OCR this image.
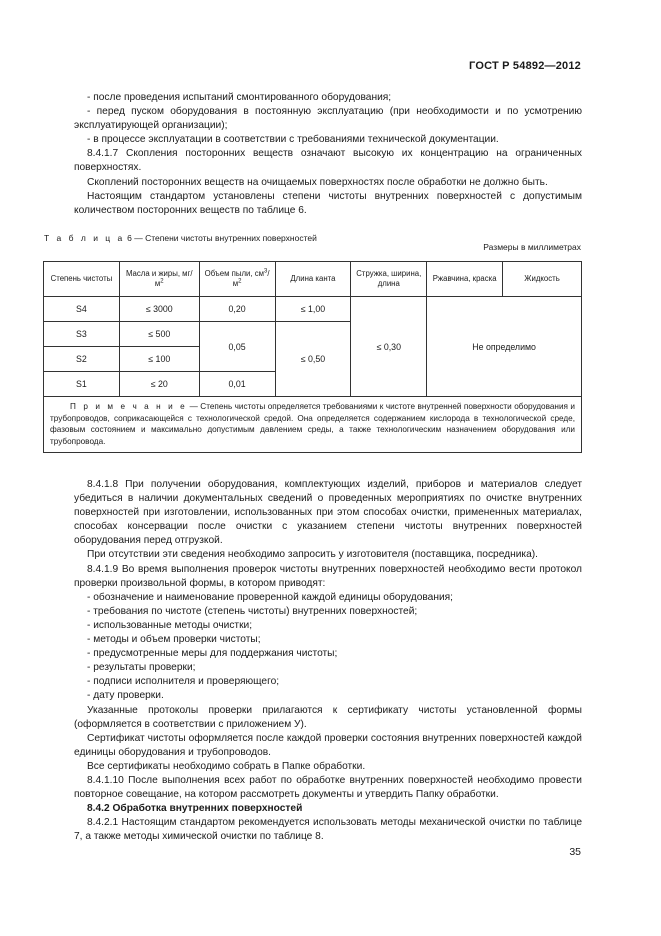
ГОСТ Р 54892—2012

- после проведения испытаний смонтированного оборудования;

- перед пуском оборудования в постоянную эксплуатацию (при необходимости и по усмотрению эксплуатирующей организации);

- в процессе эксплуатации в соответствии с требованиями технической документации.

8.4.1.7 Скопления посторонних веществ означают высокую их концентрацию на ограниченных поверхностях.

Скоплений посторонних веществ на очищаемых поверхностях после обработки не должно быть.

Настоящим стандартом установлены степени чистоты внутренних поверхностей с допустимым количеством посторонних веществ по таблице 6.

Т а б л и ц а 6 — Степени чистоты внутренних поверхностей
Размеры в миллиметрах
Степень чистоты	Масла и жиры, $мг/м^2$	Объем пыли, $см^3/м^2$	Длина канта	Стружка, ширина, длина	Ржавчина, краска	Жидкость
S4	≤ 3000	0,20	≤ 1,00	≤ 0,30	Не определимо	
S3	≤ 500	0,05	≤ 0,50			
S2	≤ 100					
S1	≤ 20	0,01				

П р и м е ч а н и е — Степень чистоты определяется требованиями к чистоте внутренней поверхности оборудования и трубопроводов, соприкасающейся с технологической средой. Она определяется содержанием кислорода в технологической среде, фазовым состоянием и максимально допустимым давлением среды, а также технологическим назначением оборудования или трубопровода.						

8.4.1.8 При получении оборудования, комплектующих изделий, приборов и материалов следует убедиться в наличии документальных сведений о проведенных мероприятиях по очистке внутренних поверхностей при изготовлении, использованных при этом способах очистки, примененных материалах, способах консервации после очистки с указанием степени чистоты внутренних поверхностей оборудования перед отгрузкой.

При отсутствии эти сведения необходимо запросить у изготовителя (поставщика, посредника).

8.4.1.9 Во время выполнения проверок чистоты внутренних поверхностей необходимо вести протокол проверки произвольной формы, в котором приводят:

- обозначение и наименование проверенной каждой единицы оборудования;

- требования по чистоте (степень чистоты) внутренних поверхностей;

- использованные методы очистки;

- методы и объем проверки чистоты;

- предусмотренные меры для поддержания чистоты;

- результаты проверки;

- подписи исполнителя и проверяющего;

- дату проверки.

Указанные протоколы проверки прилагаются к сертификату чистоты установленной формы (оформляется в соответствии с приложением У).

Сертификат чистоты оформляется после каждой проверки состояния внутренних поверхностей каждой единицы оборудования и трубопроводов.

Все сертификаты необходимо собрать в Папке обработки.

8.4.1.10 После выполнения всех работ по обработке внутренних поверхностей необходимо провести повторное совещание, на котором рассмотреть документы и утвердить Папку обработки.

8.4.2 Обработка внутренних поверхностей

8.4.2.1 Настоящим стандартом рекомендуется использовать методы механической очистки по таблице 7, а также методы химической очистки по таблице 8.

35
